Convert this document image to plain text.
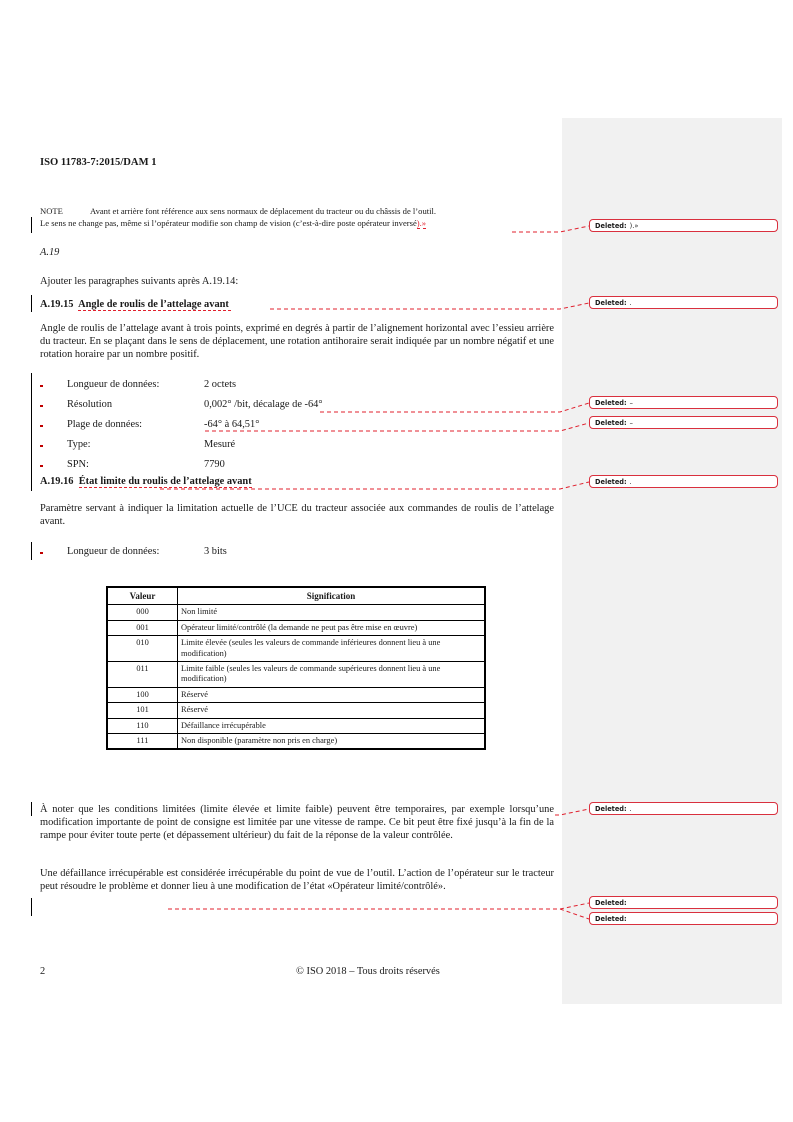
ISO 11783-7:2015/DAM 1
NOTE	Avant et arrière font référence aux sens normaux de déplacement du tracteur ou du châssis de l’outil.
Le sens ne change pas, même si l’opérateur modifie son champ de vision (c’est-à-dire poste opérateur inversé).»
A.19
Ajouter les paragraphes suivants après A.19.14:
A.19.15 Angle de roulis de l’attelage avant
Angle de roulis de l’attelage avant à trois points, exprimé en degrés à partir de l’alignement horizontal avec l’essieu arrière du tracteur. En se plaçant dans le sens de déplacement, une rotation antihoraire serait indiquée par un nombre négatif et une rotation horaire par un nombre positif.
Longueur de données:	2 octets
Résolution	0,002° /bit, décalage de -64°
Plage de données:	-64° à 64,51°
Type:	Mesuré
SPN:	7790
A.19.16 État limite du roulis de l’attelage avant
Paramètre servant à indiquer la limitation actuelle de l’UCE du tracteur associée aux commandes de roulis de l’attelage avant.
Longueur de données:	3 bits
Valeur	Signification
000	Non limité
001	Opérateur limité/contrôlé (la demande ne peut pas être mise en œuvre)
010	Limite élevée (seules les valeurs de commande inférieures donnent lieu à une modification)
011	Limite faible (seules les valeurs de commande supérieures donnent lieu à une modification)
100	Réservé
101	Réservé
110	Défaillance irrécupérable
111	Non disponible (paramètre non pris en charge)
À noter que les conditions limitées (limite élevée et limite faible) peuvent être temporaires, par exemple lorsqu’une modification importante de point de consigne est limitée par une vitesse de rampe. Ce bit peut être fixé jusqu’à la fin de la rampe pour éviter toute perte (et dépassement ultérieur) du fait de la réponse de la valeur contrôlée.
Une défaillance irrécupérable est considérée irrécupérable du point de vue de l’outil. L’action de l’opérateur sur le tracteur peut résoudre le problème et donner lieu à une modification de l’état «Opérateur limité/contrôlé».
2	© ISO 2018 – Tous droits réservés
Deleted: ).»
Deleted: .
Deleted: –
Deleted: –
Deleted: .
Deleted: .
Deleted:
Deleted:
